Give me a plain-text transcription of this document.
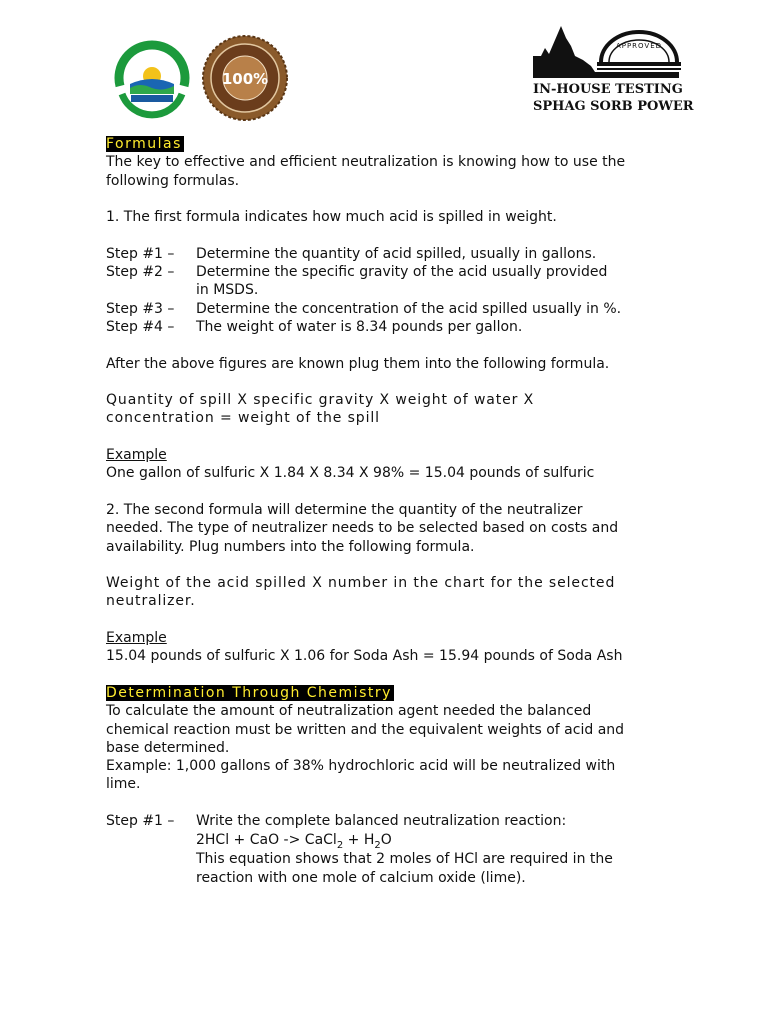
100%
APPROVED
IN-HOUSE TESTING
SPHAG SORB POWER

Formulas

The key to effective and efficient neutralization is knowing how to use the

following formulas.

1. The first formula indicates how much acid is spilled in weight.

Step #1 –	Determine the quantity of acid spilled, usually in gallons.
Step #2 –	Determine the specific gravity of the acid usually provided

in MSDS.

Step #3 –	Determine the concentration of the acid spilled usually in %.
Step #4 –	The weight of water is 8.34 pounds per gallon.

After the above figures are known plug them into the following formula.

Quantity of spill X specific gravity X weight of water X

concentration = weight of the spill

Example

One gallon of sulfuric X 1.84 X 8.34 X 98% = 15.04 pounds of sulfuric

2. The second formula will determine the quantity of the neutralizer

needed. The type of neutralizer needs to be selected based on costs and

availability. Plug numbers into the following formula.

Weight of the acid spilled X number in the chart for the selected

neutralizer.

Example

15.04 pounds of sulfuric X 1.06 for Soda Ash = 15.94 pounds of Soda Ash

Determination Through Chemistry

To calculate the amount of neutralization agent needed the balanced

chemical reaction must be written and the equivalent weights of acid and

base determined.

Example: 1,000 gallons of 38% hydrochloric acid will be neutralized with

lime.

Step #1 –	Write the complete balanced neutralization reaction:

2HCl + CaO -> CaCl$_2$ + $H_2O$

This equation shows that 2 moles of HCl are required in the

reaction with one mole of calcium oxide (lime).
